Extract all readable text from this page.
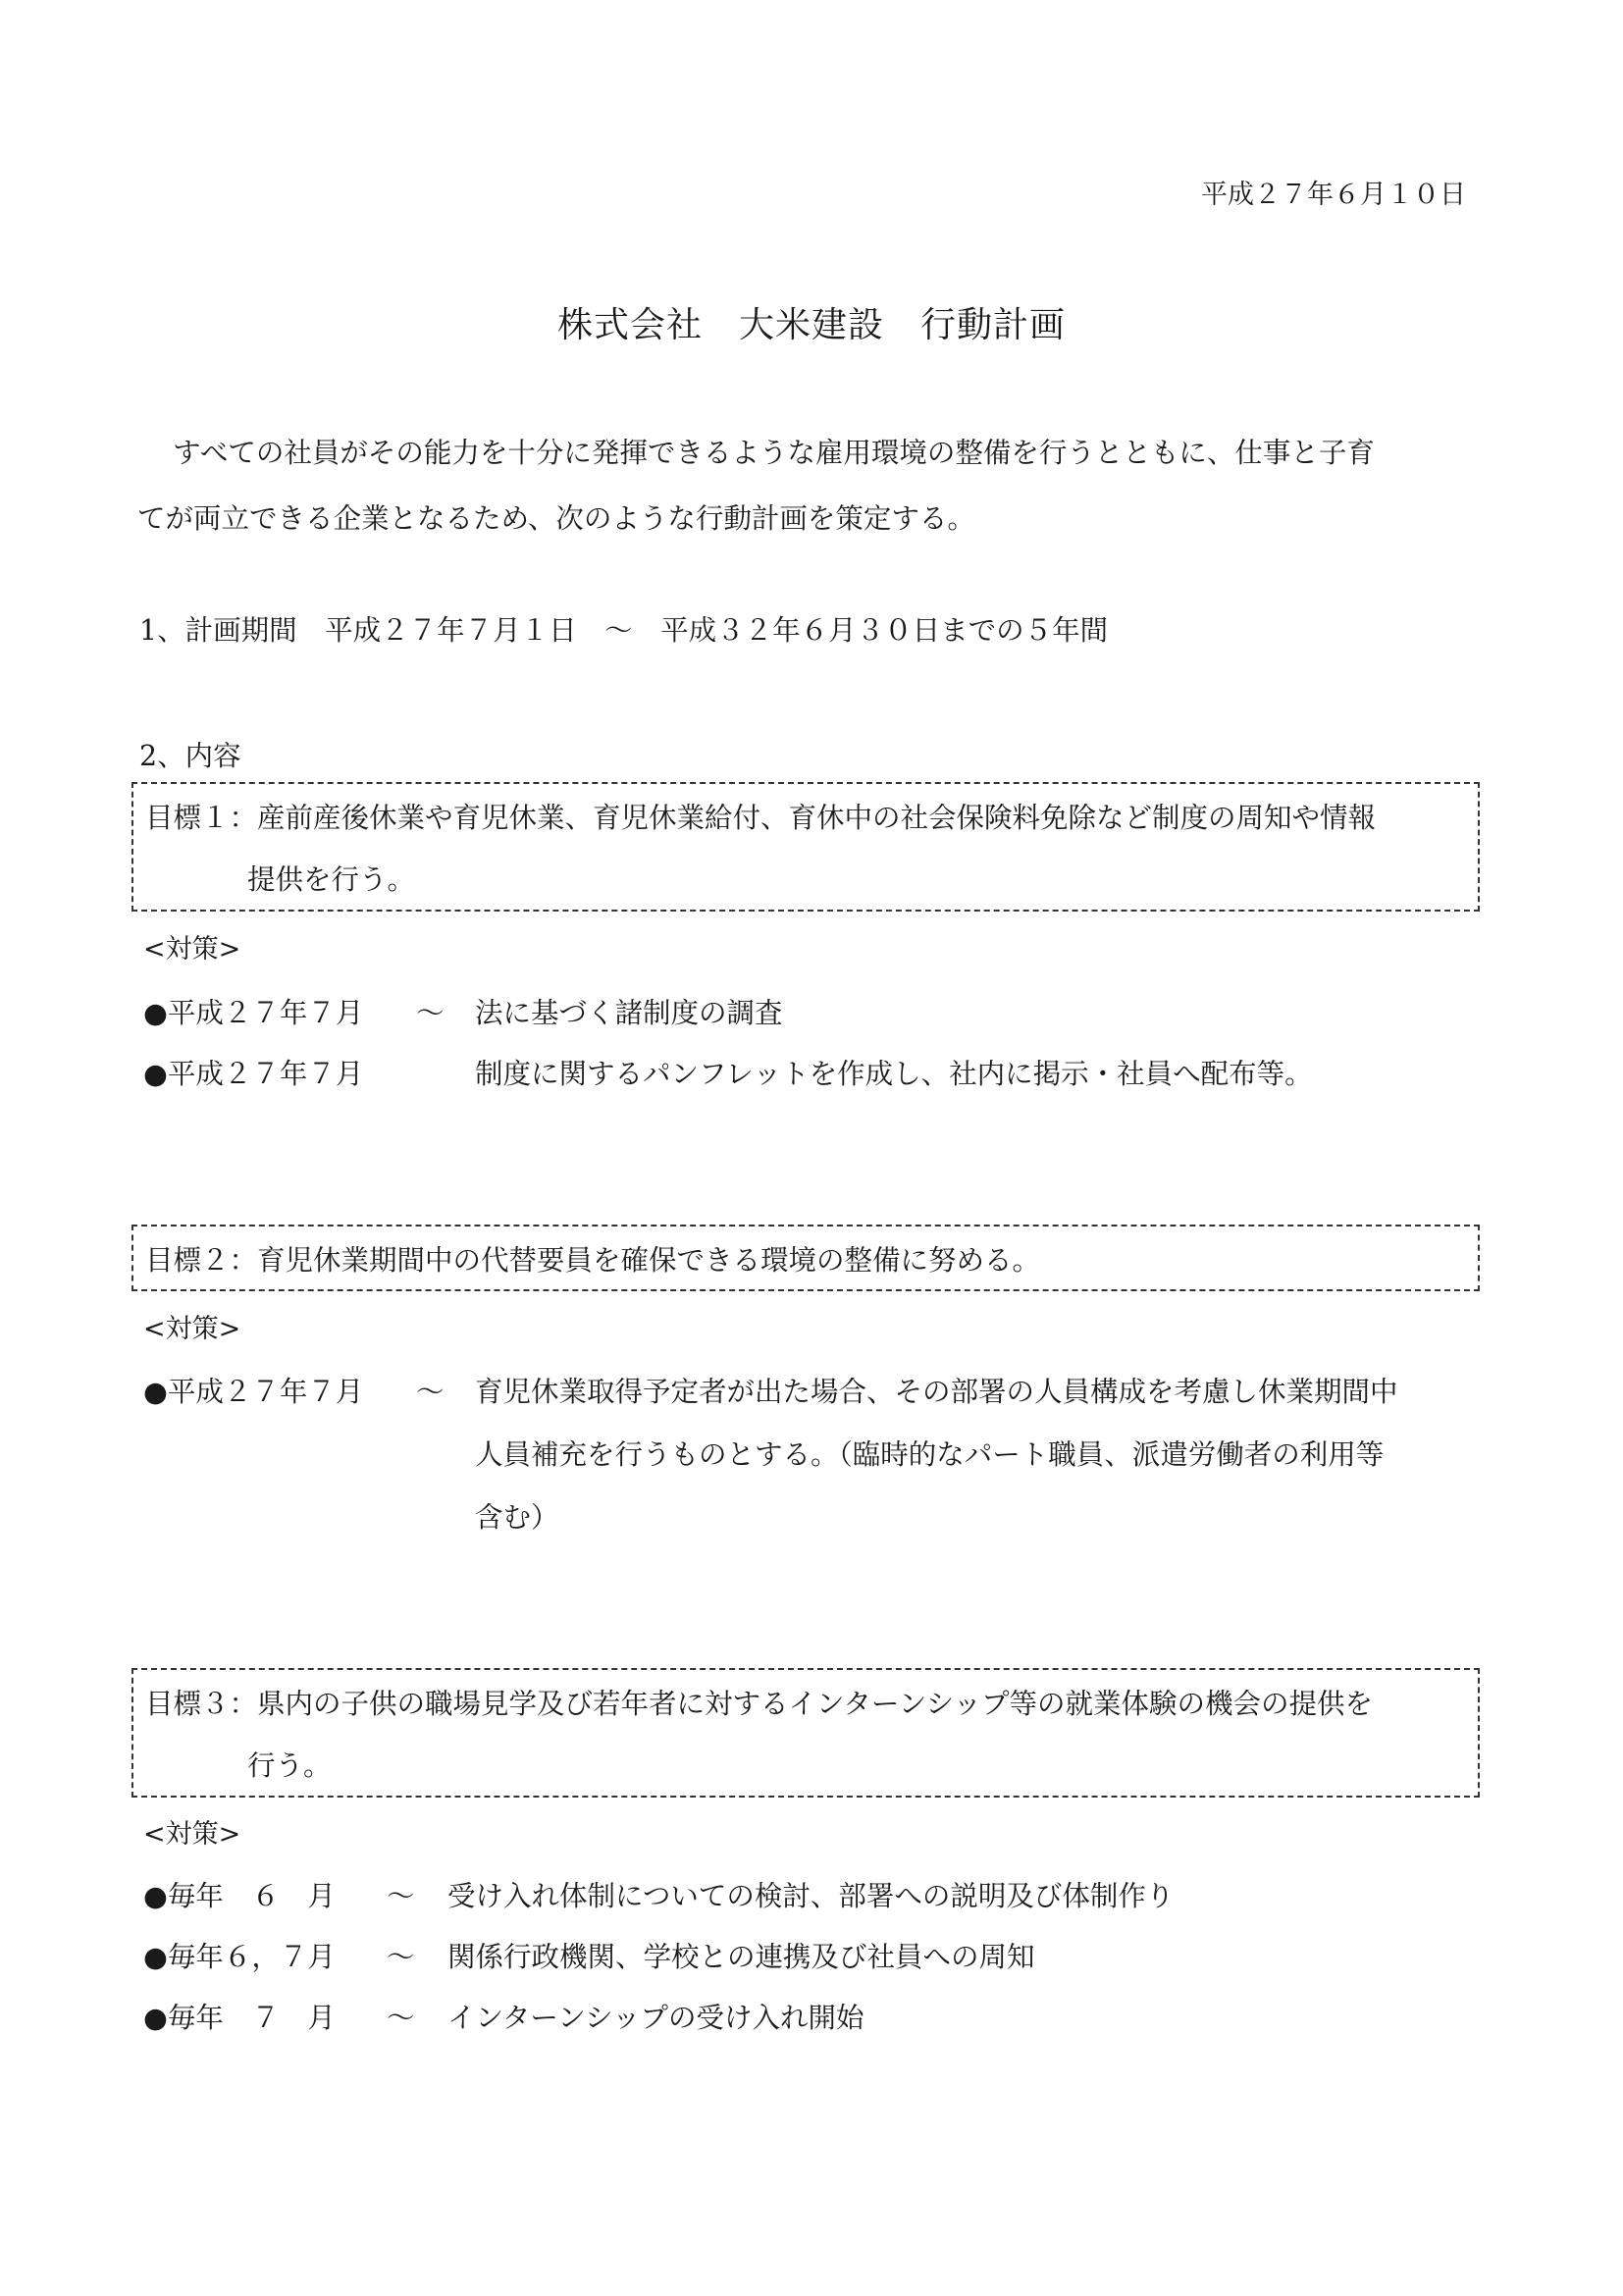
平成２７年６月１０日
株式会社　大米建設　行動計画
すべての社員がその能力を十分に発揮できるような雇用環境の整備を行うとともに、仕事と子育
てが両立できる企業となるため、次のような行動計画を策定する。
1、計画期間　平成２７年７月１日　～　平成３２年６月３０日までの５年間
2、内容
目標１：産前産後休業や育児休業、育児休業給付、育休中の社会保険料免除など制度の周知や情報
提供を行う。
<対策>
●平成２７年７月 ～ 法に基づく諸制度の調査
●平成２７年７月	制度に関するパンフレットを作成し、社内に掲示・社員へ配布等。
目標２：育児休業期間中の代替要員を確保できる環境の整備に努める。
<対策>
●平成２７年７月 ～ 育児休業取得予定者が出た場合、その部署の人員構成を考慮し休業期間中
人員補充を行うものとする。（臨時的なパート職員、派遣労働者の利用等
含む）
目標３：県内の子供の職場見学及び若年者に対するインターンシップ等の就業体験の機会の提供を
行う。
<対策>
●毎年　６　月 ～ 受け入れ体制についての検討、部署への説明及び体制作り
●毎年６，７月 ～ 関係行政機関、学校との連携及び社員への周知
●毎年　７　月 ～ インターンシップの受け入れ開始
